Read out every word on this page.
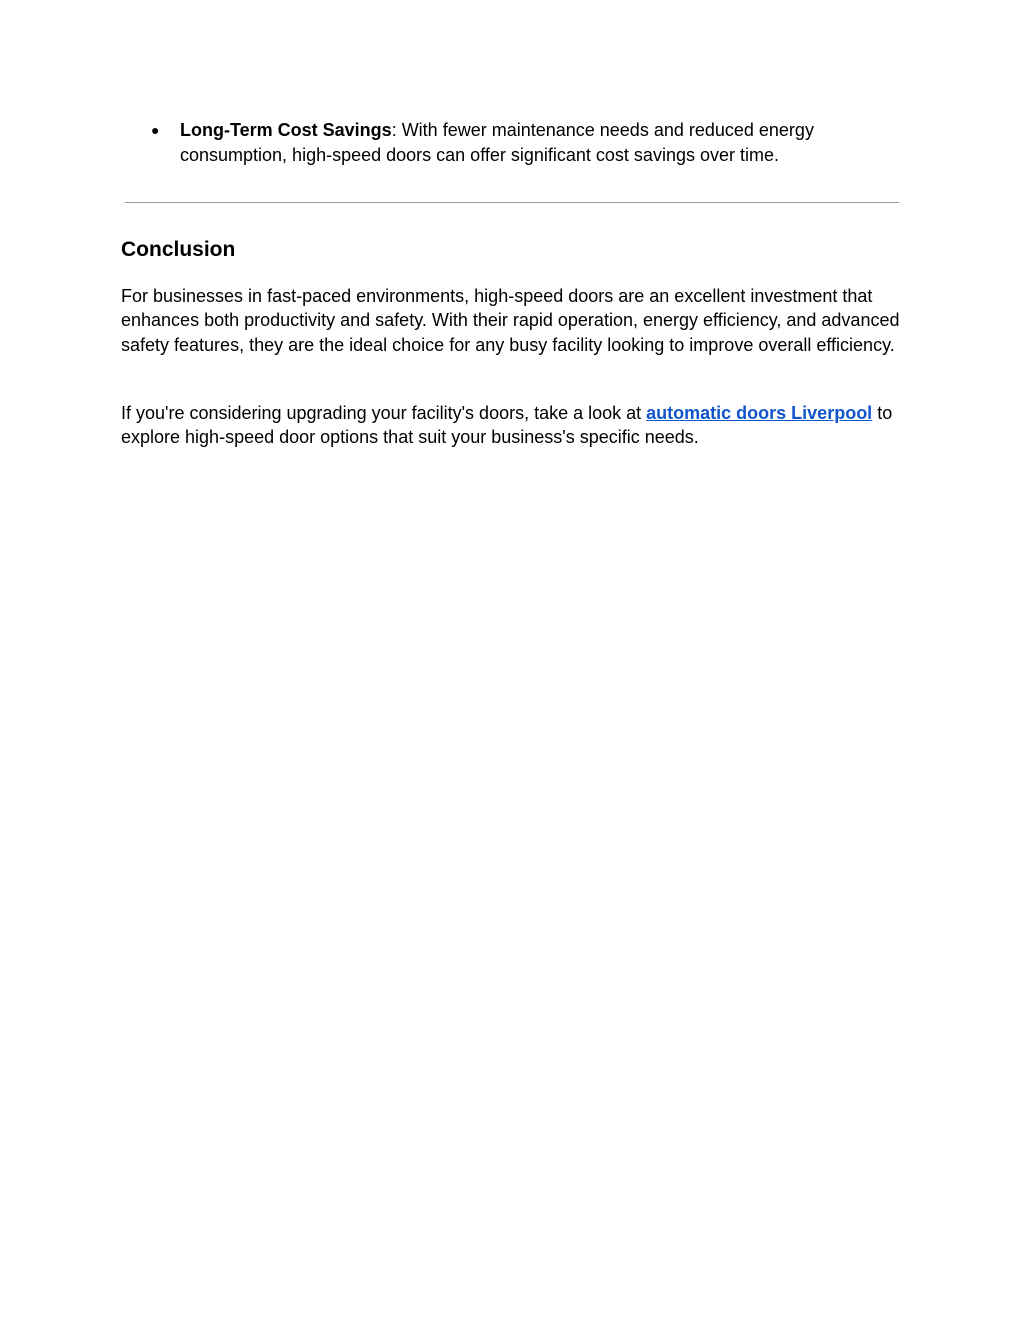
● Long-Term Cost Savings: With fewer maintenance needs and reduced energy consumption, high-speed doors can offer significant cost savings over time.
Conclusion

For businesses in fast-paced environments, high-speed doors are an excellent investment that enhances both productivity and safety. With their rapid operation, energy efficiency, and advanced safety features, they are the ideal choice for any busy facility looking to improve overall efficiency.

If you're considering upgrading your facility's doors, take a look at automatic doors Liverpool to explore high-speed door options that suit your business's specific needs.
